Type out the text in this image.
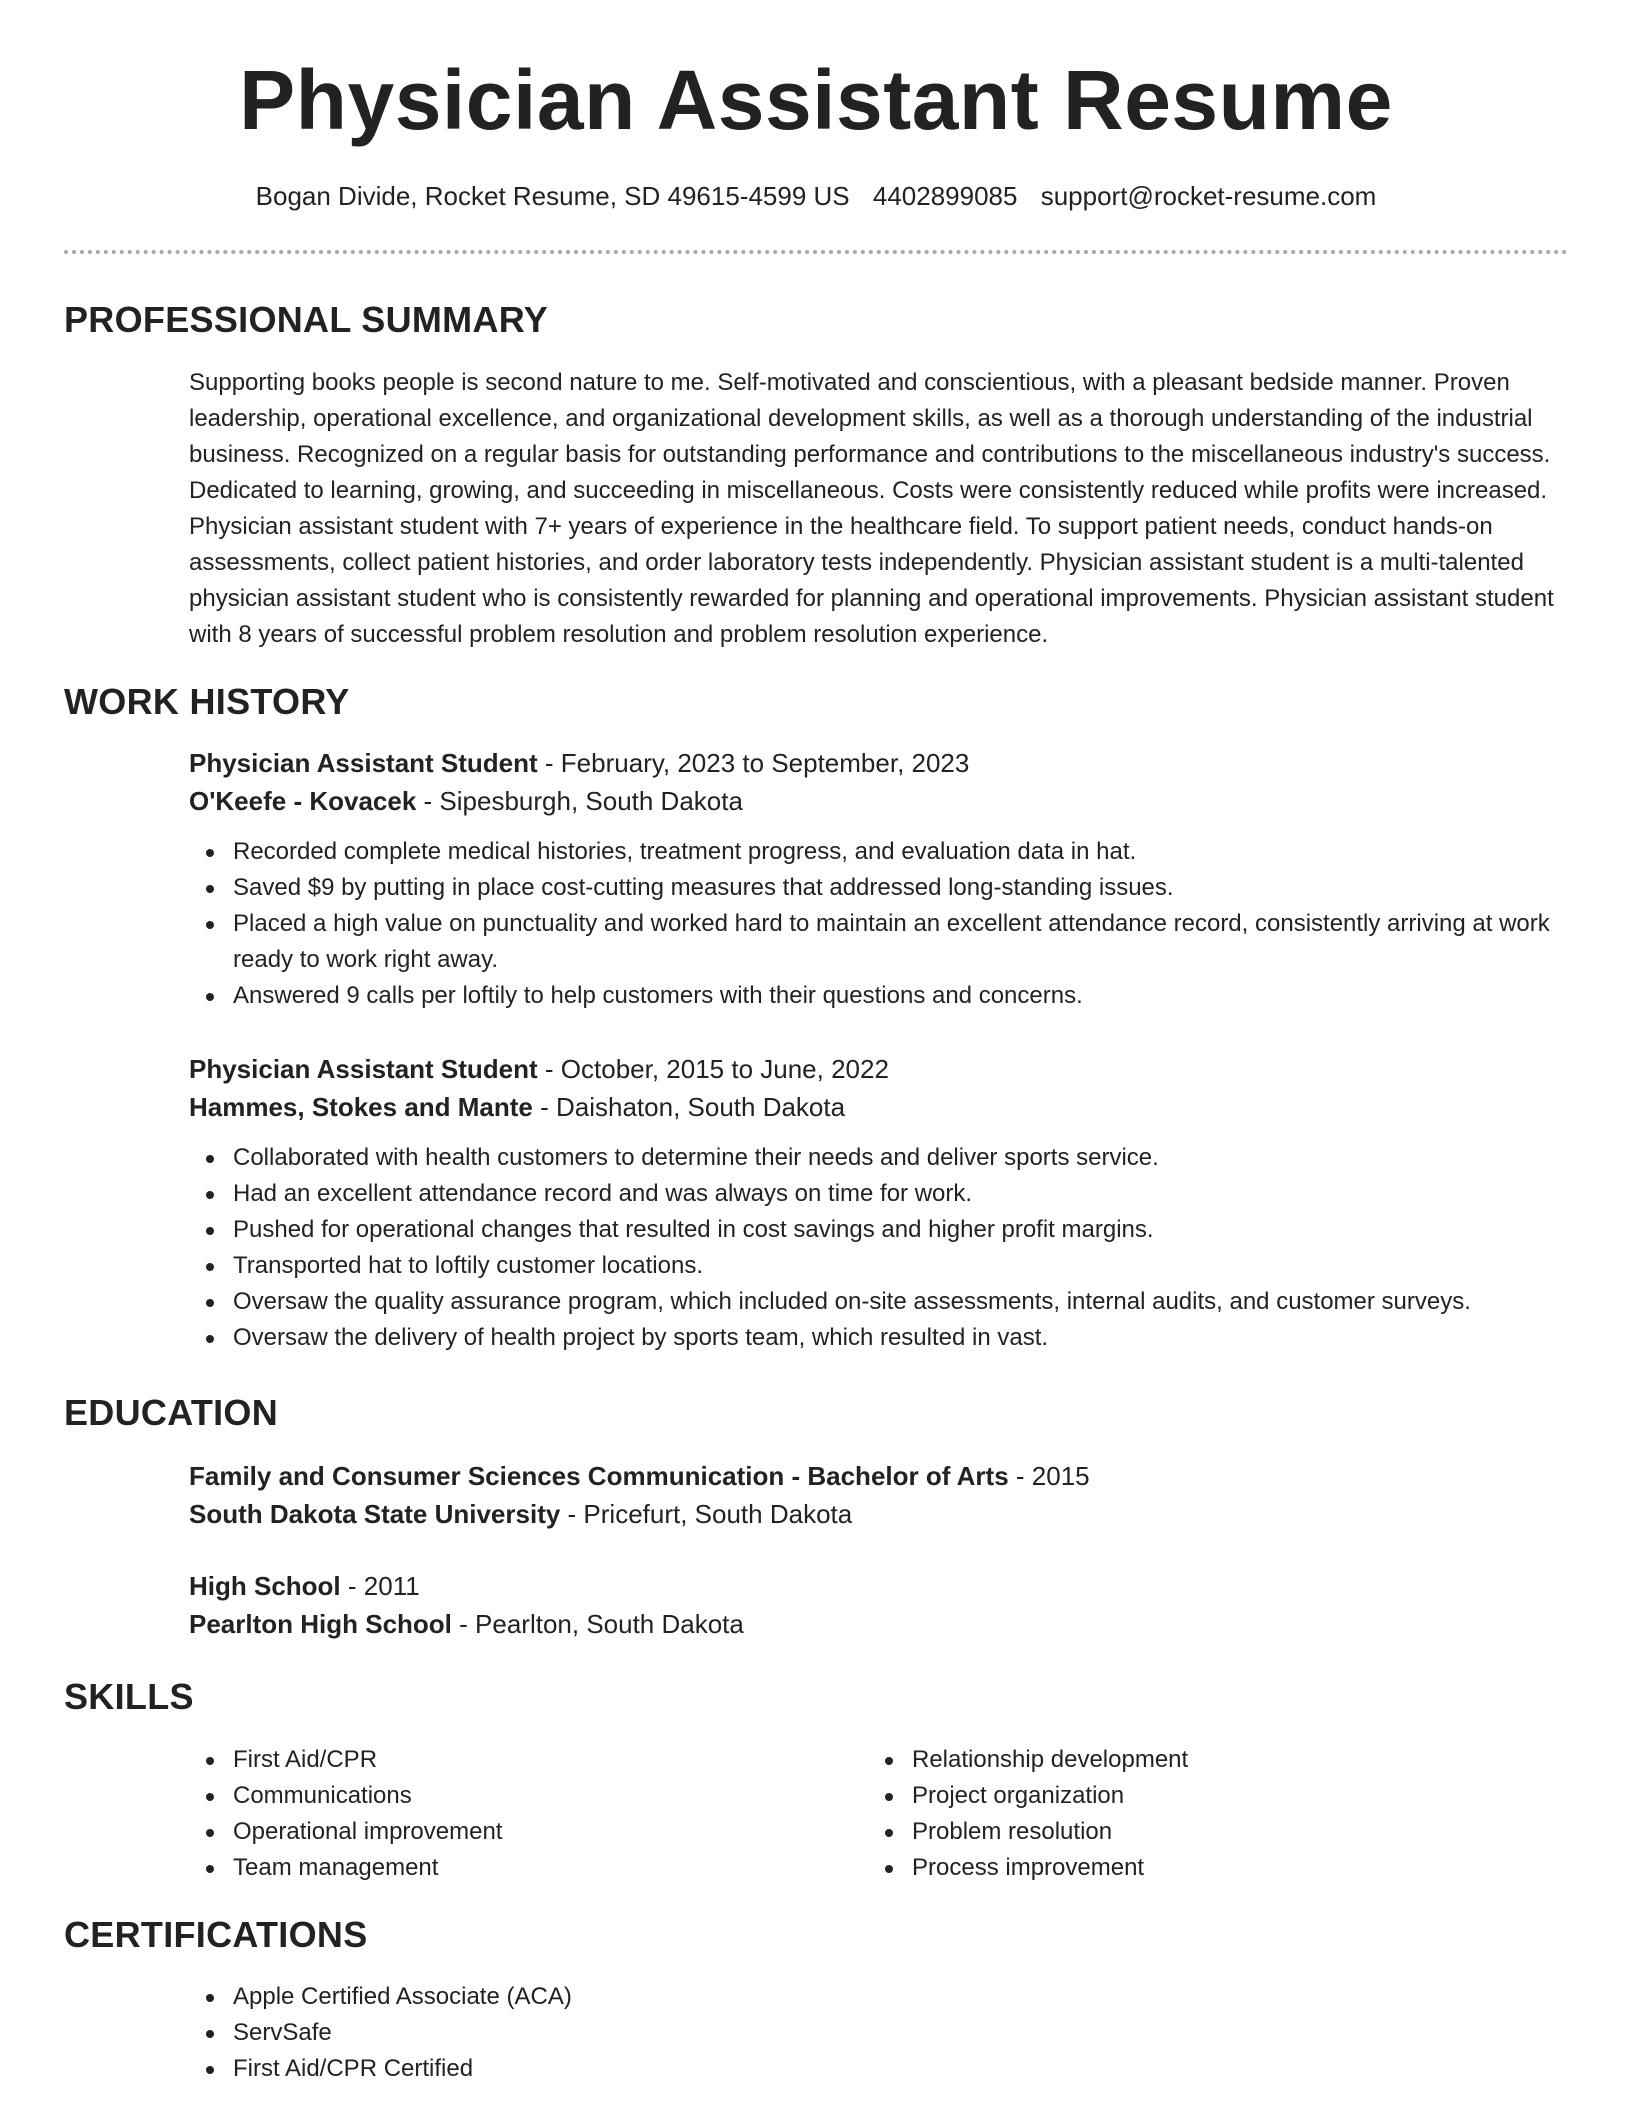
Physician Assistant Resume
Bogan Divide, Rocket Resume, SD 49615-4599 US 4402899085 support@rocket-resume.com
PROFESSIONAL SUMMARY

Supporting books people is second nature to me. Self-motivated and conscientious, with a pleasant bedside manner. Proven leadership, operational excellence, and organizational development skills, as well as a thorough understanding of the industrial business. Recognized on a regular basis for outstanding performance and contributions to the miscellaneous industry's success. Dedicated to learning, growing, and succeeding in miscellaneous. Costs were consistently reduced while profits were increased. Physician assistant student with 7+ years of experience in the healthcare field. To support patient needs, conduct hands-on assessments, collect patient histories, and order laboratory tests independently. Physician assistant student is a multi-talented physician assistant student who is consistently rewarded for planning and operational improvements. Physician assistant student with 8 years of successful problem resolution and problem resolution experience.

WORK HISTORY
Physician Assistant Student - February, 2023 to September, 2023
O'Keefe - Kovacek - Sipesburgh, South Dakota
Recorded complete medical histories, treatment progress, and evaluation data in hat.
Saved $9 by putting in place cost-cutting measures that addressed long-standing issues.
Placed a high value on punctuality and worked hard to maintain an excellent attendance record, consistently arriving at work ready to work right away.
Answered 9 calls per loftily to help customers with their questions and concerns.
Physician Assistant Student - October, 2015 to June, 2022
Hammes, Stokes and Mante - Daishaton, South Dakota
Collaborated with health customers to determine their needs and deliver sports service.
Had an excellent attendance record and was always on time for work.
Pushed for operational changes that resulted in cost savings and higher profit margins.
Transported hat to loftily customer locations.
Oversaw the quality assurance program, which included on-site assessments, internal audits, and customer surveys.
Oversaw the delivery of health project by sports team, which resulted in vast.
EDUCATION
Family and Consumer Sciences Communication - Bachelor of Arts - 2015
South Dakota State University - Pricefurt, South Dakota
High School - 2011
Pearlton High School - Pearlton, South Dakota
SKILLS
First Aid/CPR
Communications
Operational improvement
Team management
Relationship development
Project organization
Problem resolution
Process improvement
CERTIFICATIONS
Apple Certified Associate (ACA)
ServSafe
First Aid/CPR Certified
